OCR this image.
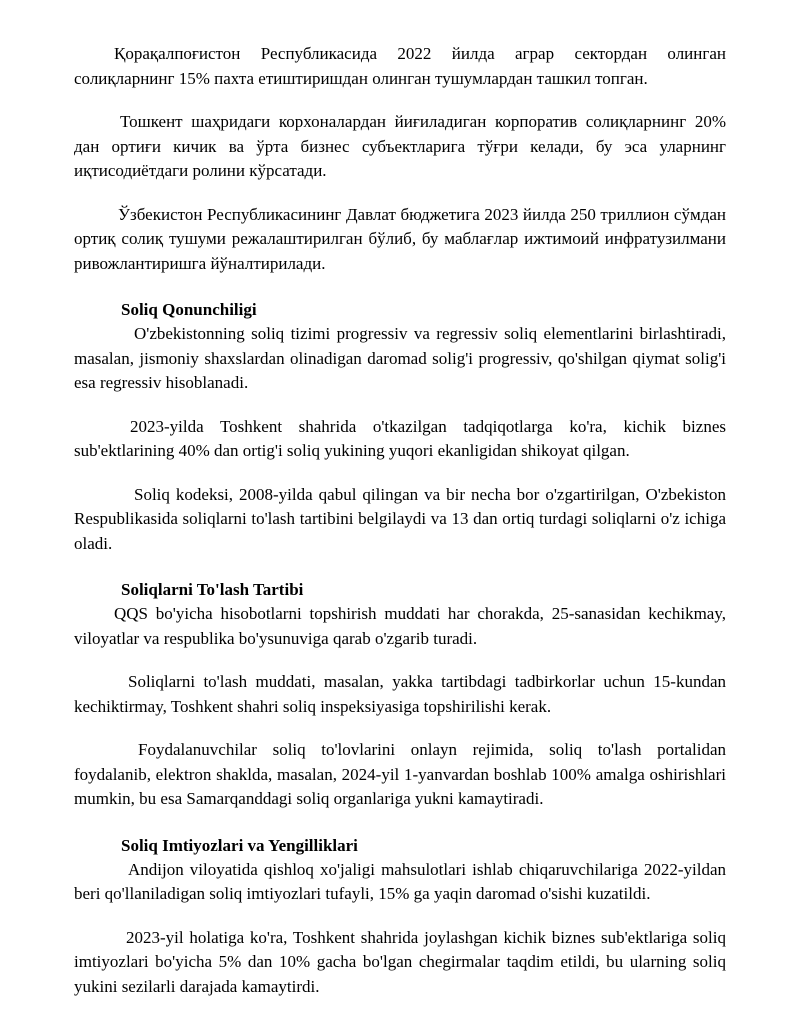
Қорақалпоғистон Республикасида 2022 йилда аграр сектордан олинган солиқларнинг 15% пахта етиштиришдан олинган тушумлардан ташкил топган.

Тошкент шаҳридаги корхоналардан йиғиладиган корпоратив солиқларнинг 20% дан ортиғи кичик ва ўрта бизнес субъектларига тўғри келади, бу эса уларнинг иқтисодиётдаги ролини кўрсатади.

Ўзбекистон Республикасининг Давлат бюджетига 2023 йилда 250 триллион сўмдан ортиқ солиқ тушуми режалаштирилган бўлиб, бу маблағлар ижтимоий инфратузилмани ривожлантиришга йўналтирилади.

Soliq Qonunchiligi

O'zbekistonning soliq tizimi progressiv va regressiv soliq elementlarini birlashtiradi, masalan, jismoniy shaxslardan olinadigan daromad solig'i progressiv, qo'shilgan qiymat solig'i esa regressiv hisoblanadi.

2023-yilda Toshkent shahrida o'tkazilgan tadqiqotlarga ko'ra, kichik biznes sub'ektlarining 40% dan ortig'i soliq yukining yuqori ekanligidan shikoyat qilgan.

Soliq kodeksi, 2008-yilda qabul qilingan va bir necha bor o'zgartirilgan, O'zbekiston Respublikasida soliqlarni to'lash tartibini belgilaydi va 13 dan ortiq turdagi soliqlarni o'z ichiga oladi.

Soliqlarni To'lash Tartibi

QQS bo'yicha hisobotlarni topshirish muddati har chorakda, 25-sanasidan kechikmay, viloyatlar va respublika bo'ysunuviga qarab o'zgarib turadi.

Soliqlarni to'lash muddati, masalan, yakka tartibdagi tadbirkorlar uchun 15-kundan kechiktirmay, Toshkent shahri soliq inspeksiyasiga topshirilishi kerak.

Foydalanuvchilar soliq to'lovlarini onlayn rejimida, soliq to'lash portalidan foydalanib, elektron shaklda, masalan, 2024-yil 1-yanvardan boshlab 100% amalga oshirishlari mumkin, bu esa Samarqanddagi soliq organlariga yukni kamaytiradi.

Soliq Imtiyozlari va Yengilliklari

Andijon viloyatida qishloq xo'jaligi mahsulotlari ishlab chiqaruvchilariga 2022-yildan beri qo'llaniladigan soliq imtiyozlari tufayli, 15% ga yaqin daromad o'sishi kuzatildi.

2023-yil holatiga ko'ra, Toshkent shahrida joylashgan kichik biznes sub'ektlariga soliq imtiyozlari bo'yicha 5% dan 10% gacha bo'lgan chegirmalar taqdim etildi, bu ularning soliq yukini sezilarli darajada kamaytirdi.
